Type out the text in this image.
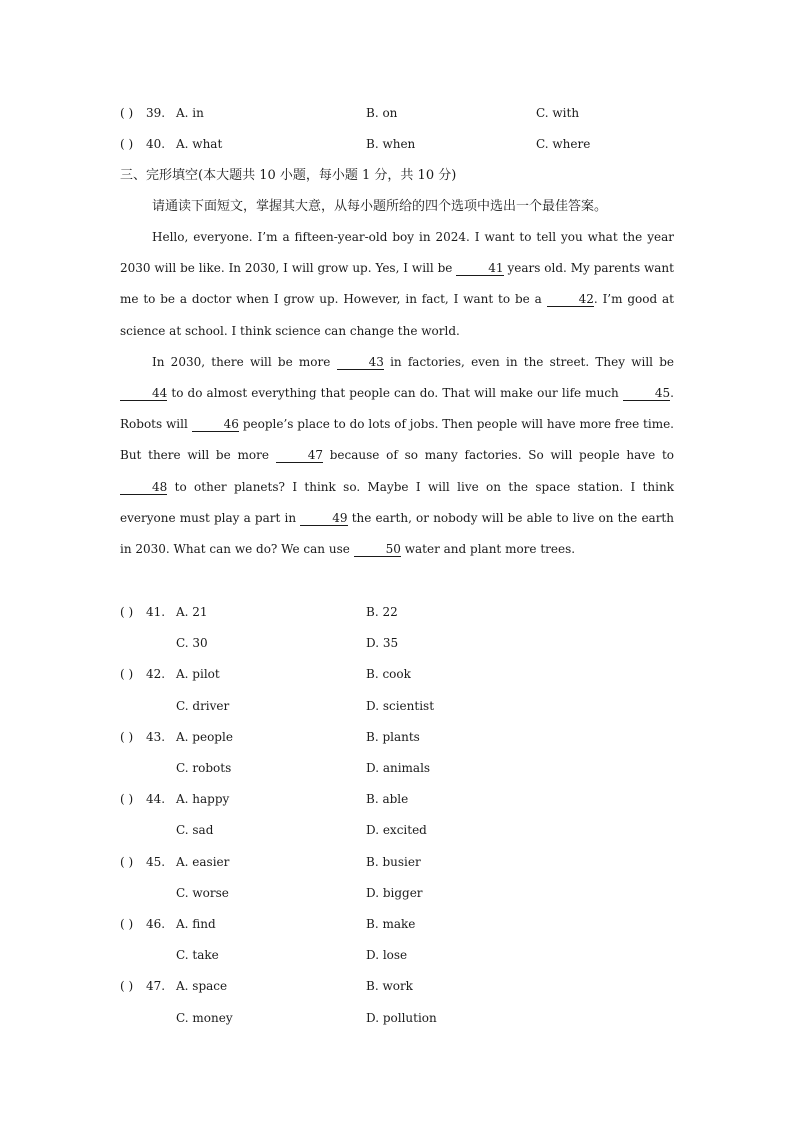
( ) 39. A. in	B. on	C. with
( ) 40. A. what	B. when	C. where
三、完形填空(本大题共 10 小题，每小题 1 分，共 10 分)
请通读下面短文，掌握其大意，从每小题所给的四个选项中选出一个最佳答案。

Hello, everyone. I’m a fifteen-year-old boy in 2024. I want to tell you what the year 2030 will be like. In 2030, I will grow up. Yes, I will be	41 years old. My parents want me to be a doctor when I grow up. However, in fact, I want to be a	42. I’m good at science at school. I think science can change the world.

In 2030, there will be more	43 in factories, even in the street. They will be 44 to do almost everything that people can do. That will make our life much	45. Robots will	46 people’s place to do lots of jobs. Then people will have more free time. But there will be more	47 because of so many factories. So will people have to 48 to other planets? I think so. Maybe I will live on the space station. I think everyone must play a part in	49 the earth, or nobody will be able to live on the earth in 2030. What can we do? We can use	50 water and plant more trees.

( ) 41. A. 21	B. 22
C. 30	D. 35
( ) 42. A. pilot	B. cook
C. driver	D. scientist
( ) 43. A. people	B. plants
C. robots	D. animals
( ) 44. A. happy	B. able
C. sad	D. excited
( ) 45. A. easier	B. busier
C. worse	D. bigger
( ) 46. A. find	B. make
C. take	D. lose
( ) 47. A. space	B. work
C. money	D. pollution
